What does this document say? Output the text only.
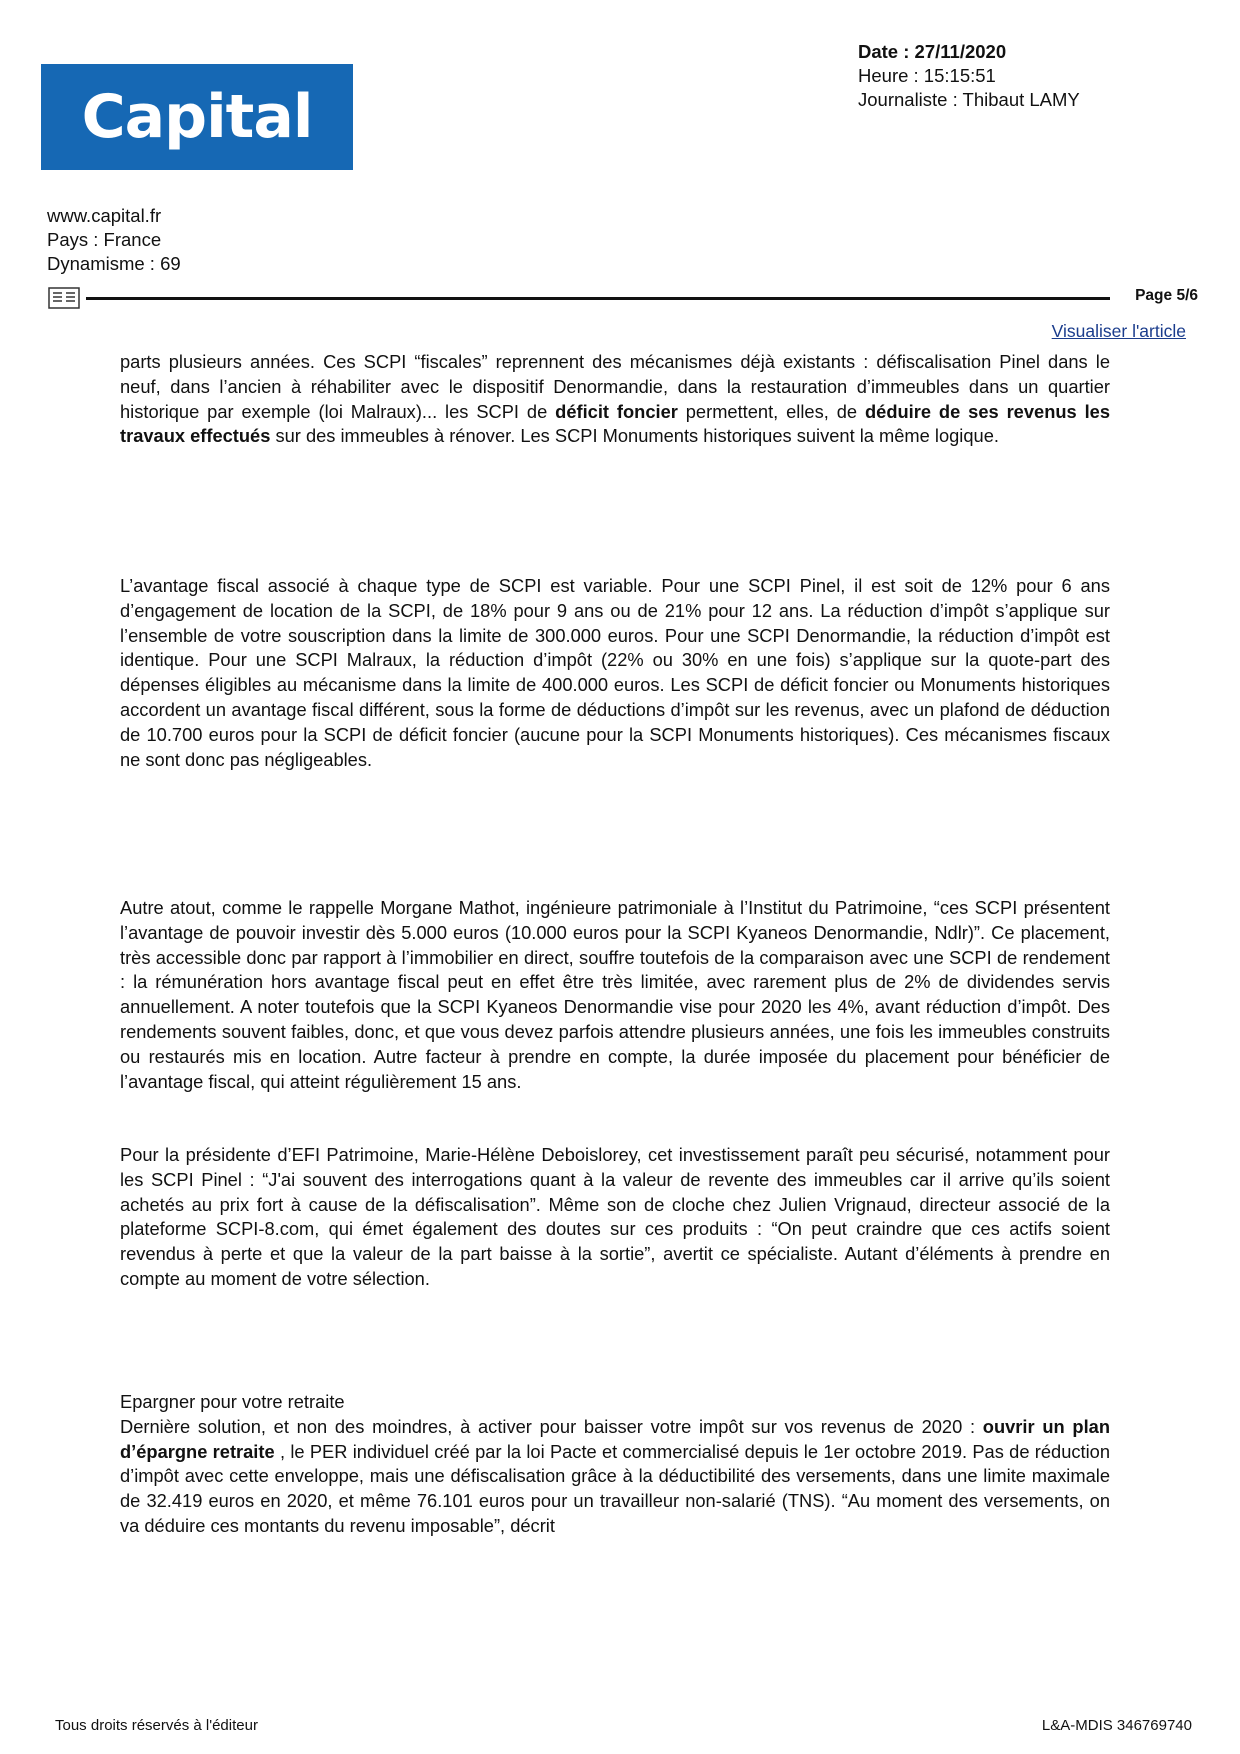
Capital
Date : 27/11/2020
Heure : 15:15:51
Journaliste : Thibaut LAMY
www.capital.fr
Pays : France
Dynamisme : 69
Page 5/6
Visualiser l'article
parts plusieurs années. Ces SCPI “fiscales” reprennent des mécanismes déjà existants : défiscalisation Pinel dans le neuf, dans l’ancien à réhabiliter avec le dispositif Denormandie, dans la restauration d’immeubles dans un quartier historique par exemple (loi Malraux)... les SCPI de déficit foncier permettent, elles, de déduire de ses revenus les travaux effectués sur des immeubles à rénover. Les SCPI Monuments historiques suivent la même logique.
L’avantage fiscal associé à chaque type de SCPI est variable. Pour une SCPI Pinel, il est soit de 12% pour 6 ans d’engagement de location de la SCPI, de 18% pour 9 ans ou de 21% pour 12 ans. La réduction d’impôt s’applique sur l’ensemble de votre souscription dans la limite de 300.000 euros. Pour une SCPI Denormandie, la réduction d’impôt est identique. Pour une SCPI Malraux, la réduction d’impôt (22% ou 30% en une fois) s’applique sur la quote-part des dépenses éligibles au mécanisme dans la limite de 400.000 euros. Les SCPI de déficit foncier ou Monuments historiques accordent un avantage fiscal différent, sous la forme de déductions d’impôt sur les revenus, avec un plafond de déduction de 10.700 euros pour la SCPI de déficit foncier (aucune pour la SCPI Monuments historiques). Ces mécanismes fiscaux ne sont donc pas négligeables.
Autre atout, comme le rappelle Morgane Mathot, ingénieure patrimoniale à l’Institut du Patrimoine, “ces SCPI présentent l’avantage de pouvoir investir dès 5.000 euros (10.000 euros pour la SCPI Kyaneos Denormandie, Ndlr)”. Ce placement, très accessible donc par rapport à l’immobilier en direct, souffre toutefois de la comparaison avec une SCPI de rendement : la rémunération hors avantage fiscal peut en effet être très limitée, avec rarement plus de 2% de dividendes servis annuellement. A noter toutefois que la SCPI Kyaneos Denormandie vise pour 2020 les 4%, avant réduction d’impôt. Des rendements souvent faibles, donc, et que vous devez parfois attendre plusieurs années, une fois les immeubles construits ou restaurés mis en location. Autre facteur à prendre en compte, la durée imposée du placement pour bénéficier de l’avantage fiscal, qui atteint régulièrement 15 ans.
Pour la présidente d’EFI Patrimoine, Marie-Hélène Deboislorey, cet investissement paraît peu sécurisé, notamment pour les SCPI Pinel : “J'ai souvent des interrogations quant à la valeur de revente des immeubles car il arrive qu’ils soient achetés au prix fort à cause de la défiscalisation”. Même son de cloche chez Julien Vrignaud, directeur associé de la plateforme SCPI-8.com, qui émet également des doutes sur ces produits : “On peut craindre que ces actifs soient revendus à perte et que la valeur de la part baisse à la sortie”, avertit ce spécialiste. Autant d’éléments à prendre en compte au moment de votre sélection.
Epargner pour votre retraite
Dernière solution, et non des moindres, à activer pour baisser votre impôt sur vos revenus de 2020 : ouvrir un plan d’épargne retraite , le PER individuel créé par la loi Pacte et commercialisé depuis le 1er octobre 2019. Pas de réduction d’impôt avec cette enveloppe, mais une défiscalisation grâce à la déductibilité des versements, dans une limite maximale de 32.419 euros en 2020, et même 76.101 euros pour un travailleur non-salarié (TNS). “Au moment des versements, on va déduire ces montants du revenu imposable”, décrit
Tous droits réservés à l'éditeur	L&A-MDIS 346769740
